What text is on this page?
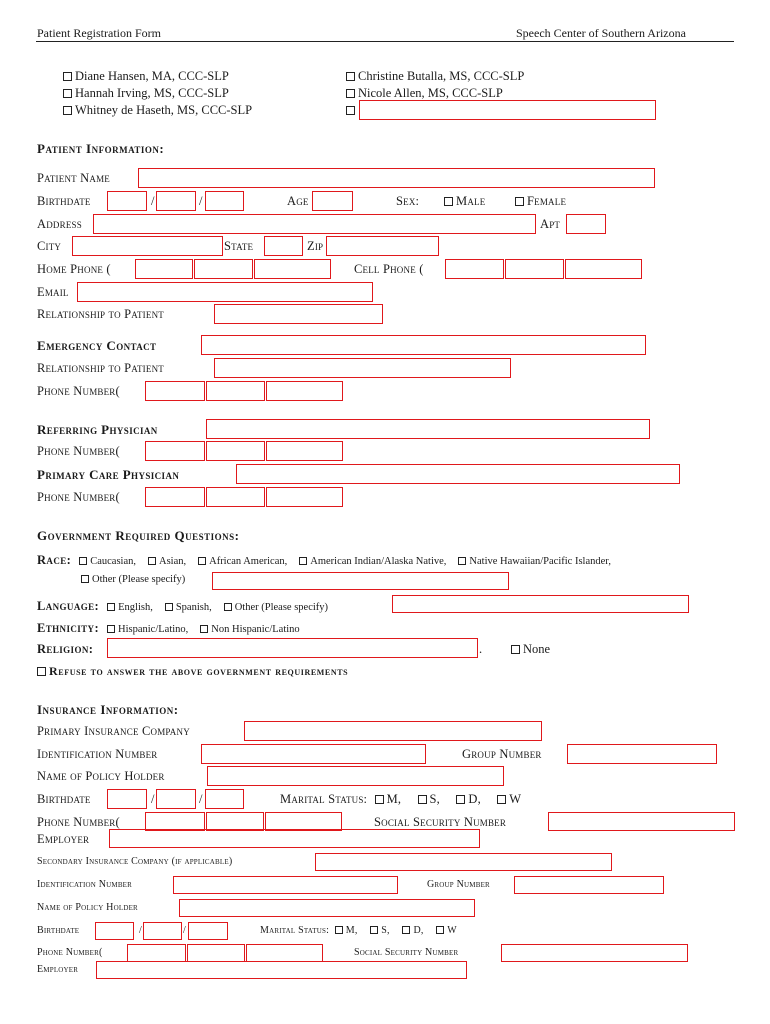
Patient Registration Form	Speech Center of Southern Arizona
Diane Hansen, MA, CCC-SLP
Hannah Irving, MS, CCC-SLP
Whitney de Haseth, MS, CCC-SLP
Christine Butalla, MS, CCC-SLP
Nicole Allen, MS, CCC-SLP
Patient Information:
Patient Name
Birthdate	/	/	Age	Sex:	Male	Female
Address	Apt
City	State	Zip
Home Phone (	Cell Phone (
Email
Relationship to Patient
Emergency Contact
Relationship to Patient
Phone Number(
Referring Physician
Phone Number(
Primary Care Physician
Phone Number(
Government Required Questions:
Race: Caucasian, Asian, African American, American Indian/Alaska Native, Native Hawaiian/Pacific Islander,
Other (Please specify)
Language: English, Spanish, Other (Please specify)
Ethnicity: Hispanic/Latino, Non Hispanic/Latino
Religion:	.	None
Refuse to answer the above government requirements
Insurance Information:
Primary Insurance Company
Identification Number	Group Number
Name of Policy Holder
Birthdate	/	/	Marital Status: M, S, D, W
Phone Number(	Social Security Number
Employer
Secondary Insurance Company (if applicable)
Identification Number	Group Number
Name of Policy Holder
Birthdate	/	/	Marital Status: M, S, D, W
Phone Number(	Social Security Number
Employer
